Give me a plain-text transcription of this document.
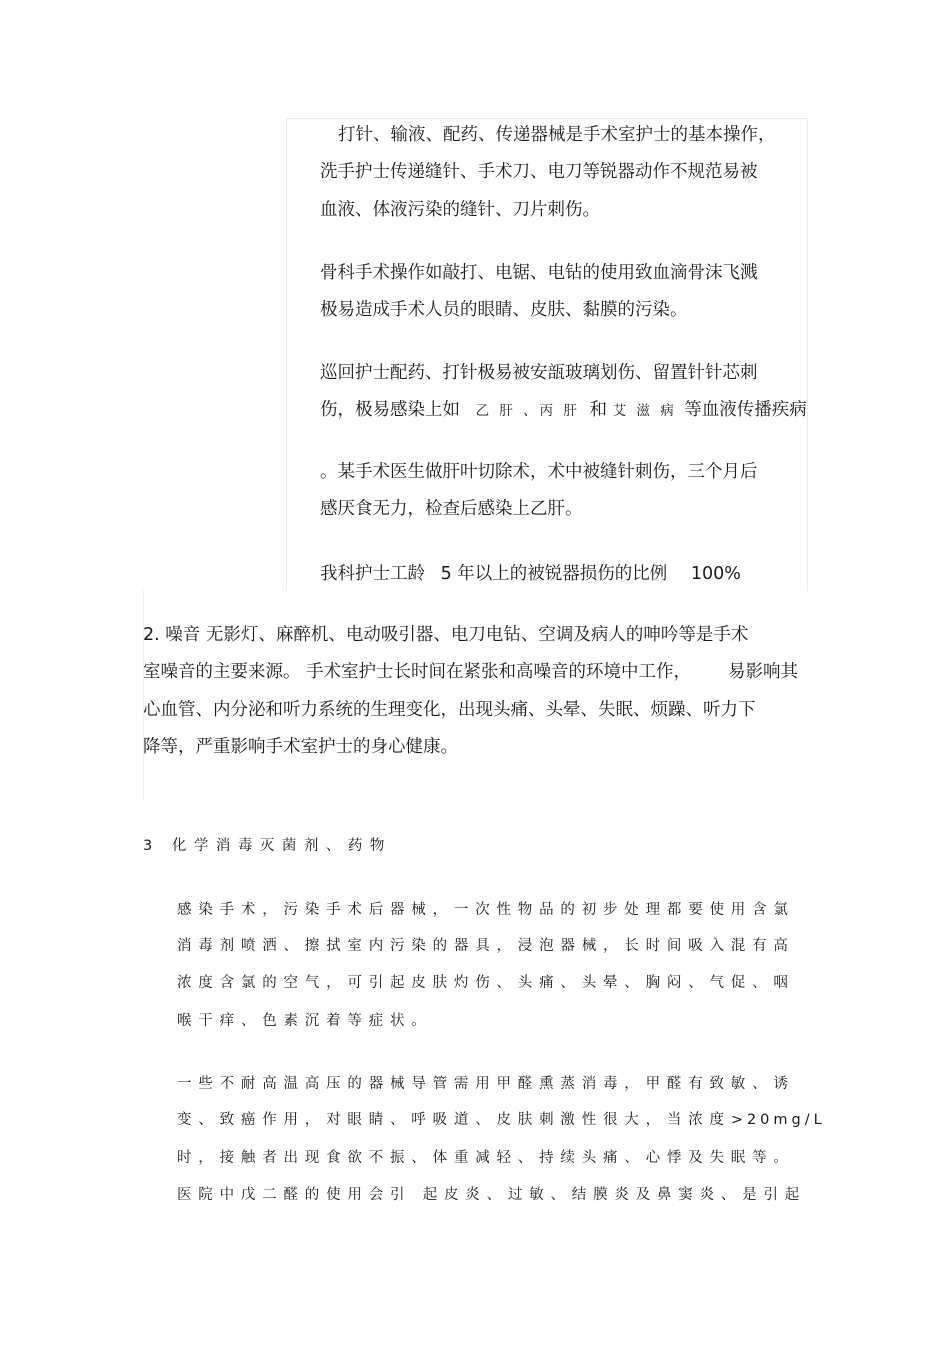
打针、输液、配药、传递器械是手术室护士的基本操作，
洗手护士传递缝针、手术刀、电刀等锐器动作不规范易被
血液、体液污染的缝针、刀片刺伤。
骨科手术操作如敲打、电锯、电钻的使用致血滴骨沫飞溅
极易造成手术人员的眼睛、皮肤、黏膜的污染。
巡回护士配药、打针极易被安瓿玻璃划伤、留置针针芯刺
伤，极易感染上如 乙 肝 、丙 肝 和 艾 滋 病 等血液传播疾病
。某手术医生做肝叶切除术，术中被缝针刺伤，三个月后
感厌食无力，检查后感染上乙肝。
我科护士工龄 5 年以上的被锐器损伤的比例 100%
2. 噪音 无影灯、麻醉机、电动吸引器、电刀电钻、空调及病人的呻吟等是手术
室噪音的主要来源。 手术室护士长时间在紧张和高噪音的环境中工作， 易影响其
心血管、内分泌和听力系统的生理变化，出现头痛、头晕、失眠、烦躁、听力下
降等，严重影响手术室护士的身心健康。
3 化学消毒灭菌剂、药物
感染手术，污染手术后器械，一次性物品的初步处理都要使用含氯
消毒剂喷洒、擦拭室内污染的器具，浸泡器械，长时间吸入混有高
浓度含氯的空气，可引起皮肤灼伤、头痛、头晕、胸闷、气促、咽
喉干痒、色素沉着等症状。
一些不耐高温高压的器械导管需用甲醛熏蒸消毒，甲醛有致敏、诱
变、致癌作用，对眼睛、呼吸道、皮肤刺激性很大，当浓度>20mg/L
时，接触者出现食欲不振、体重减轻、持续头痛、心悸及失眠等。
医院中戊二醛的使用会引 起皮炎、过敏、结膜炎及鼻窦炎、是引起
